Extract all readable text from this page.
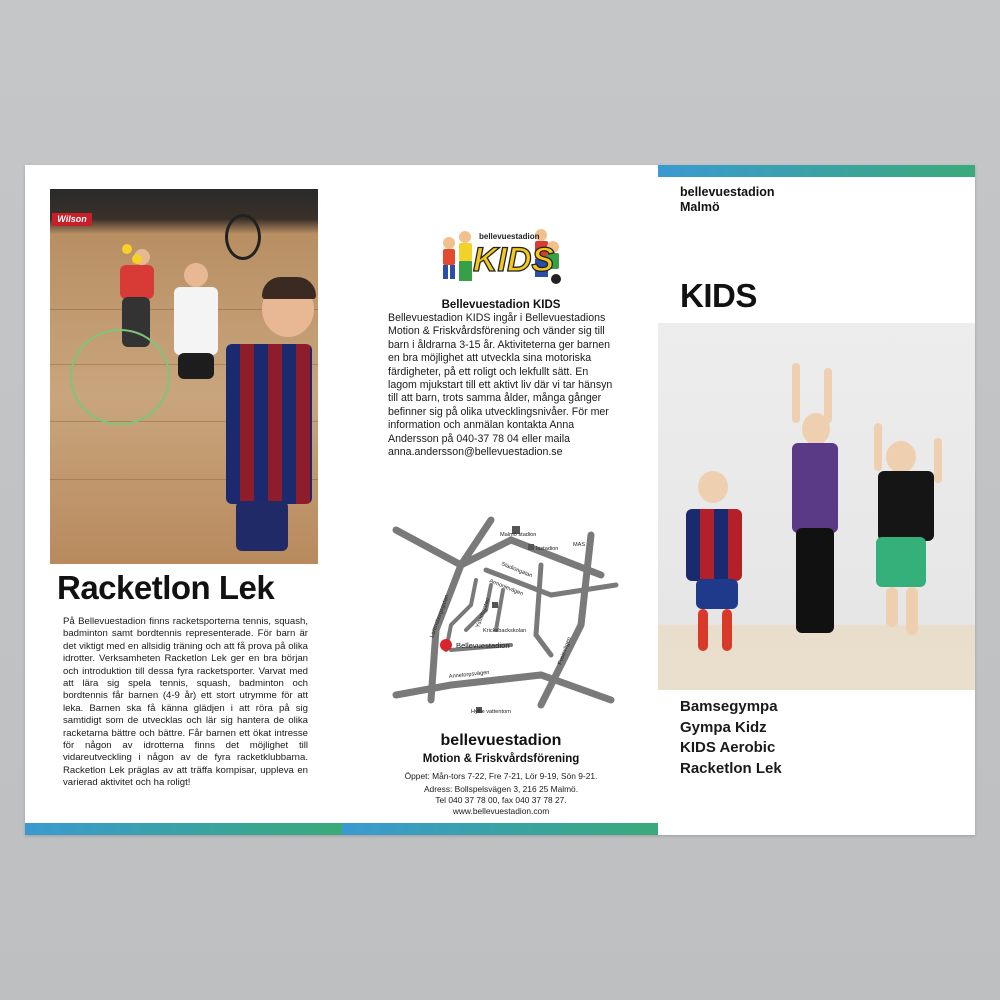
Wilson
Racketlon Lek

På Bellevuestadion finns racketsporterna tennis, squash, badminton samt bordtennis representerade. För barn är det viktigt med en allsidig träning och att få prova på olika idrotter. Verksamheten Racketlon Lek ger en bra början och introduktion till dessa fyra racketsporter. Varvat med att lära sig spela tennis, squash, badminton och bordtennis får barnen (4-9 år) ett stort utrymme för att leka. Barnen ska få känna glädjen i att röra på sig samtidigt som de utvecklas och lär sig hantera de olika racketarna bättre och bättre. Får barnen ett ökat intresse för någon av idrotterna finns det möjlighet till vidareutveckling i någon av de fyra racketklubbarna. Racketlon Lek präglas av att träffa kompisar, uppleva en varierad aktivitet och ha roligt!

bellevuestadion
KIDS
Bellevuestadion KIDS

Bellevuestadion KIDS ingår i Bellevuestadions Motion & Friskvårdsförening och vänder sig till barn i åldrarna 3-15 år. Aktiviteterna ger barnen en bra möjlighet att utveckla sina motoriska färdigheter, på ett roligt och lekfullt sätt. En lagom mjukstart till ett aktivt liv där vi tar hänsyn till att barn, trots samma ålder, många gånger befinner sig på olika utvecklingsnivåer. För mer information och anmälan kontakta Anna Andersson på 040-37 78 04 eller maila anna.andersson@bellevuestadion.se

Malmö stadion
Isstadion
MAS
Stadiongatan
Armonievägen
Lorensborgsgatan	Ystadsgatan
Kricksbackskolan
Fosievägen
Bellevuestadion
Annetorpsvägen
Hyllie vattentorn

bellevuestadion

Motion & Friskvårdsförening

Öppet: Mån-tors 7-22, Fre 7-21, Lör 9-19, Sön 9-21.

Adress: Bollspelsvägen 3, 216 25 Malmö.

Tel 040 37 78 00, fax 040 37 78 27.

www.bellevuestadion.com

bellevuestadion
Malmö
KIDS
Bamsegympa
Gympa Kidz
KIDS Aerobic
Racketlon Lek
